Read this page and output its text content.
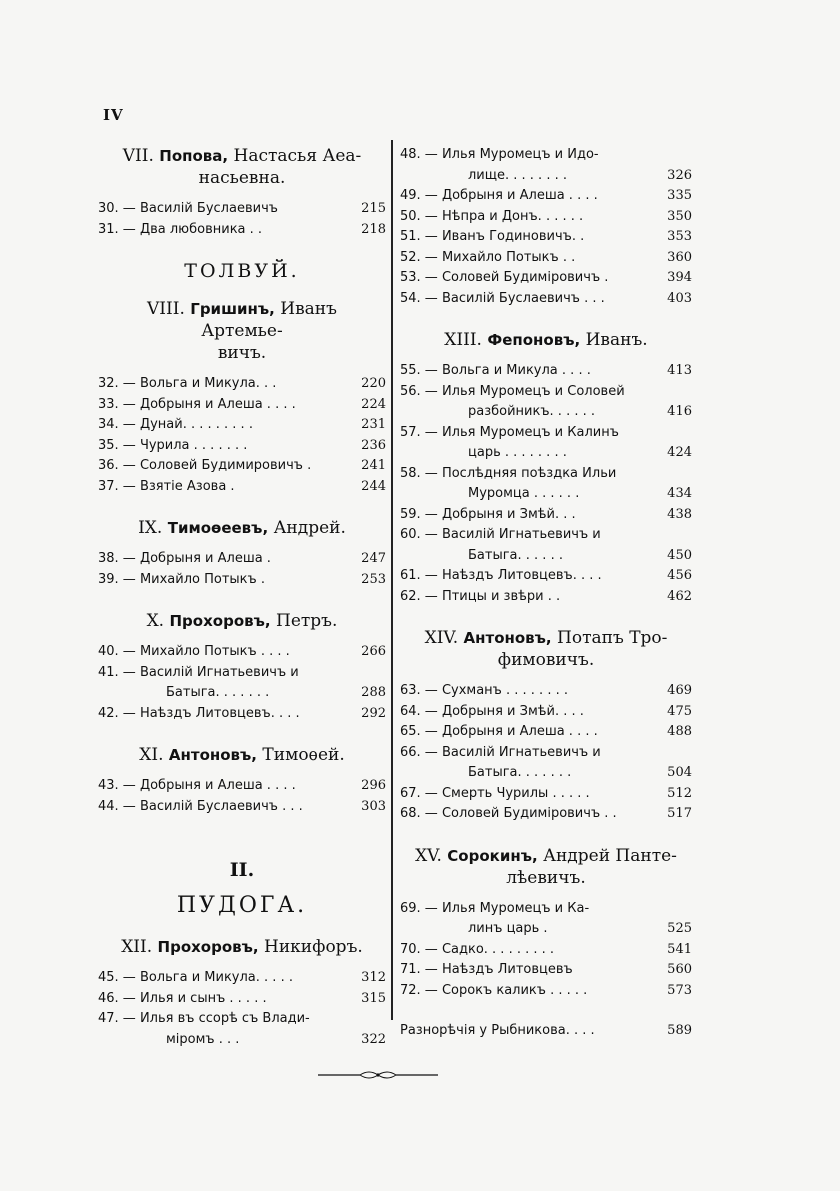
IV
VII. Попова, Настасья Аеа-
насьевна.
30. — Василій Буслаевичъ	215
31. — Два любовника . .	218
ТОЛВУЙ.
VIII. Гришинъ, Иванъ Артемье-
вичъ.
32. — Вольга и Микула. . .	220
33. — Добрыня и Алеша . . . .	224
34. — Дунай. . . . . . . . .	231
35. — Чурила . . . . . . .	236
36. — Соловей Будимировичъ .	241
37. — Взятіе Азова .	244
IX. Тимоѳеевъ, Андрей.
38. — Добрыня и Алеша .	247
39. — Михайло Потыкъ .	253
X. Прохоровъ, Петръ.
40. — Михайло Потыкъ . . . .	266
41. — Василій Игнатьевичъ и
Батыга. . . . . . .	288
42. — Наѣздъ Литовцевъ. . . .	292
XI. Антоновъ, Тимоѳей.
43. — Добрыня и Алеша . . . .	296
44. — Василій Буслаевичъ . . .	303
II.
ПУДОГА.
XII. Прохоровъ, Никифоръ.
45. — Вольга и Микула. . . . .	312
46. — Илья и сынъ . . . . .	315
47. — Илья въ ссорѣ съ Влади-
міромъ . . .	322
48. — Илья Муромецъ и Идо-
лище. . . . . . . .	326
49. — Добрыня и Алеша . . . .	335
50. — Нѣпра и Донъ. . . . . .	350
51. — Иванъ Годиновичъ. .	353
52. — Михайло Потыкъ . .	360
53. — Соловей Будимiровичъ .	394
54. — Василій Буслаевичъ . . .	403
XIII. Фепоновъ, Иванъ.
55. — Вольга и Микула . . . .	413
56. — Илья Муромецъ и Соловей
разбойникъ. . . . . .	416
57. — Илья Муромецъ и Калинъ
царь . . . . . . . .	424
58. — Послѣдняя поѣздка Ильи
Муромца . . . . . .	434
59. — Добрыня и Змѣй. . .	438
60. — Василій Игнатьевичъ и
Батыга. . . . . .	450
61. — Наѣздъ Литовцевъ. . . .	456
62. — Птицы и звѣри . .	462
XIV. Антоновъ, Потапъ Тро-
фимовичъ.
63. — Сухманъ . . . . . . . .	469
64. — Добрыня и Змѣй. . . .	475
65. — Добрыня и Алеша . . . .	488
66. — Василій Игнатьевичъ и
Батыга. . . . . . .	504
67. — Смерть Чурилы . . . . .	512
68. — Соловей Будимiровичъ . .	517
XV. Сорокинъ, Андрей Панте-
лѣевичъ.
69. — Илья Муромецъ и Ка-
линъ царь .	525
70. — Садко. . . . . . . . .	541
71. — Наѣздъ Литовцевъ	560
72. — Сорокъ каликъ . . . . .	573
Разнорѣчія у Рыбникова. . . .	589
